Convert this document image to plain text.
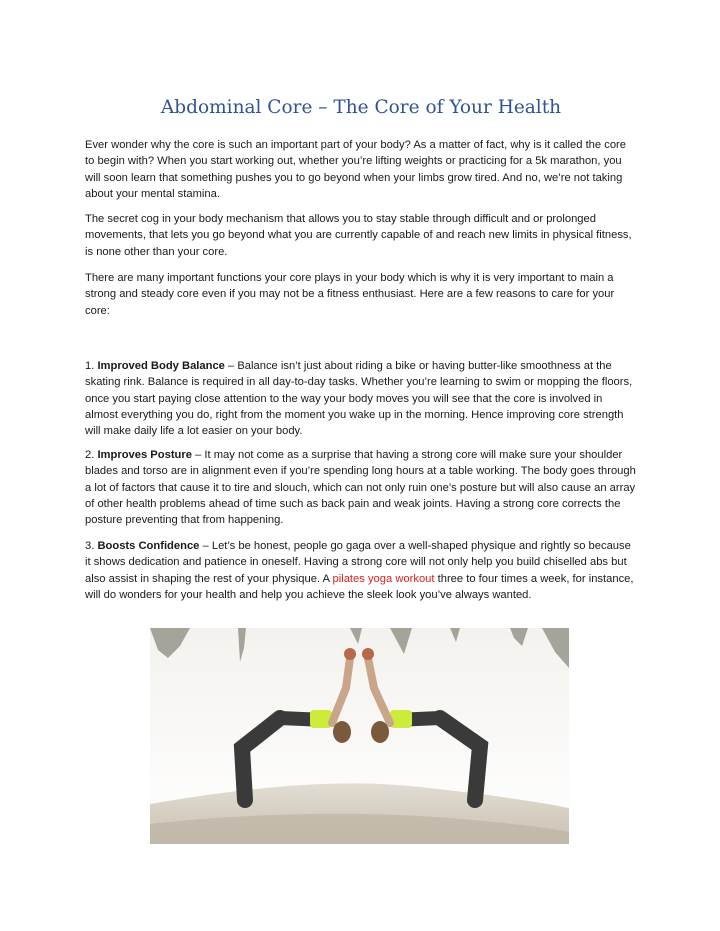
Abdominal Core – The Core of Your Health

Ever wonder why the core is such an important part of your body? As a matter of fact, why is it called the core to begin with? When you start working out, whether you’re lifting weights or practicing for a 5k marathon, you will soon learn that something pushes you to go beyond when your limbs grow tired. And no, we’re not taking about your mental stamina.

The secret cog in your body mechanism that allows you to stay stable through difficult and or prolonged movements, that lets you go beyond what you are currently capable of and reach new limits in physical fitness, is none other than your core.

There are many important functions your core plays in your body which is why it is very important to main a strong and steady core even if you may not be a fitness enthusiast. Here are a few reasons to care for your core:

1. Improved Body Balance – Balance isn’t just about riding a bike or having butter-like smoothness at the skating rink. Balance is required in all day-to-day tasks. Whether you’re learning to swim or mopping the floors, once you start paying close attention to the way your body moves you will see that the core is involved in almost everything you do, right from the moment you wake up in the morning. Hence improving core strength will make daily life a lot easier on your body.

2. Improves Posture – It may not come as a surprise that having a strong core will make sure your shoulder blades and torso are in alignment even if you’re spending long hours at a table working. The body goes through a lot of factors that cause it to tire and slouch, which can not only ruin one’s posture but will also cause an array of other health problems ahead of time such as back pain and weak joints. Having a strong core corrects the posture preventing that from happening.

3. Boosts Confidence – Let’s be honest, people go gaga over a well-shaped physique and rightly so because it shows dedication and patience in oneself. Having a strong core will not only help you build chiselled abs but also assist in shaping the rest of your physique. A pilates yoga workout three to four times a week, for instance, will do wonders for your health and help you achieve the sleek look you’ve always wanted.
